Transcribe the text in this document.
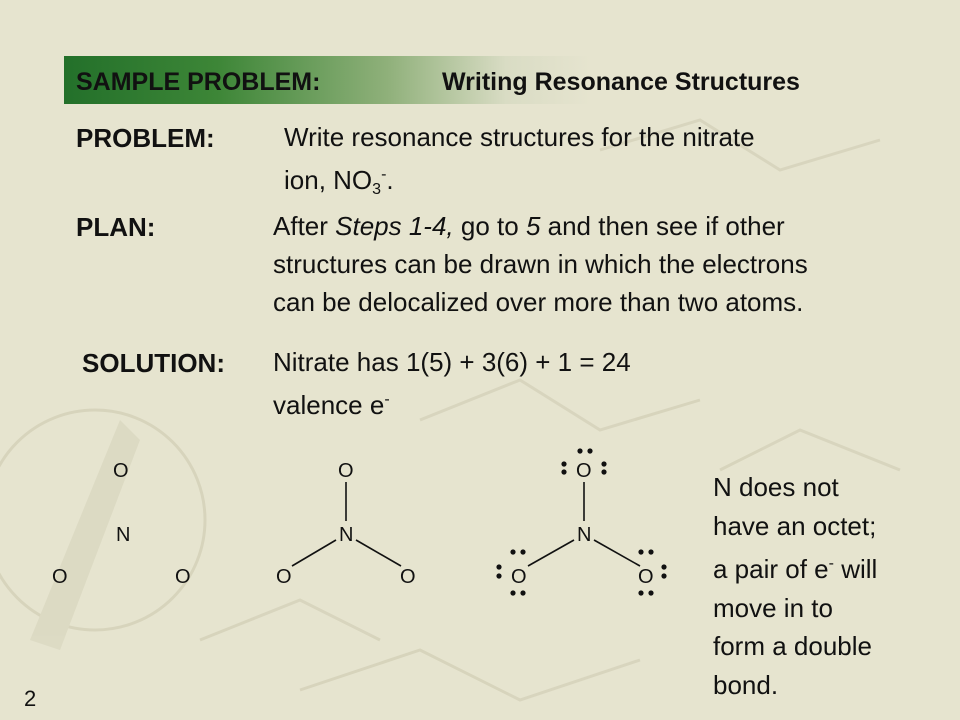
SAMPLE PROBLEM:	Writing Resonance Structures
PROBLEM:	Write resonance structures for the nitrate
ion, $NO_3^-$.
PLAN:	After Steps 1-4, go to 5 and then see if other
structures can be drawn in which the electrons
can be delocalized over more than two atoms.
SOLUTION: Nitrate has 1(5) + 3(6) + 1 = 24
valence e-
O
N
O	O
O
N
O	O
O
N
O	O
N does not
have an octet;
a pair of e- will
move in to
form a double
bond.
2
